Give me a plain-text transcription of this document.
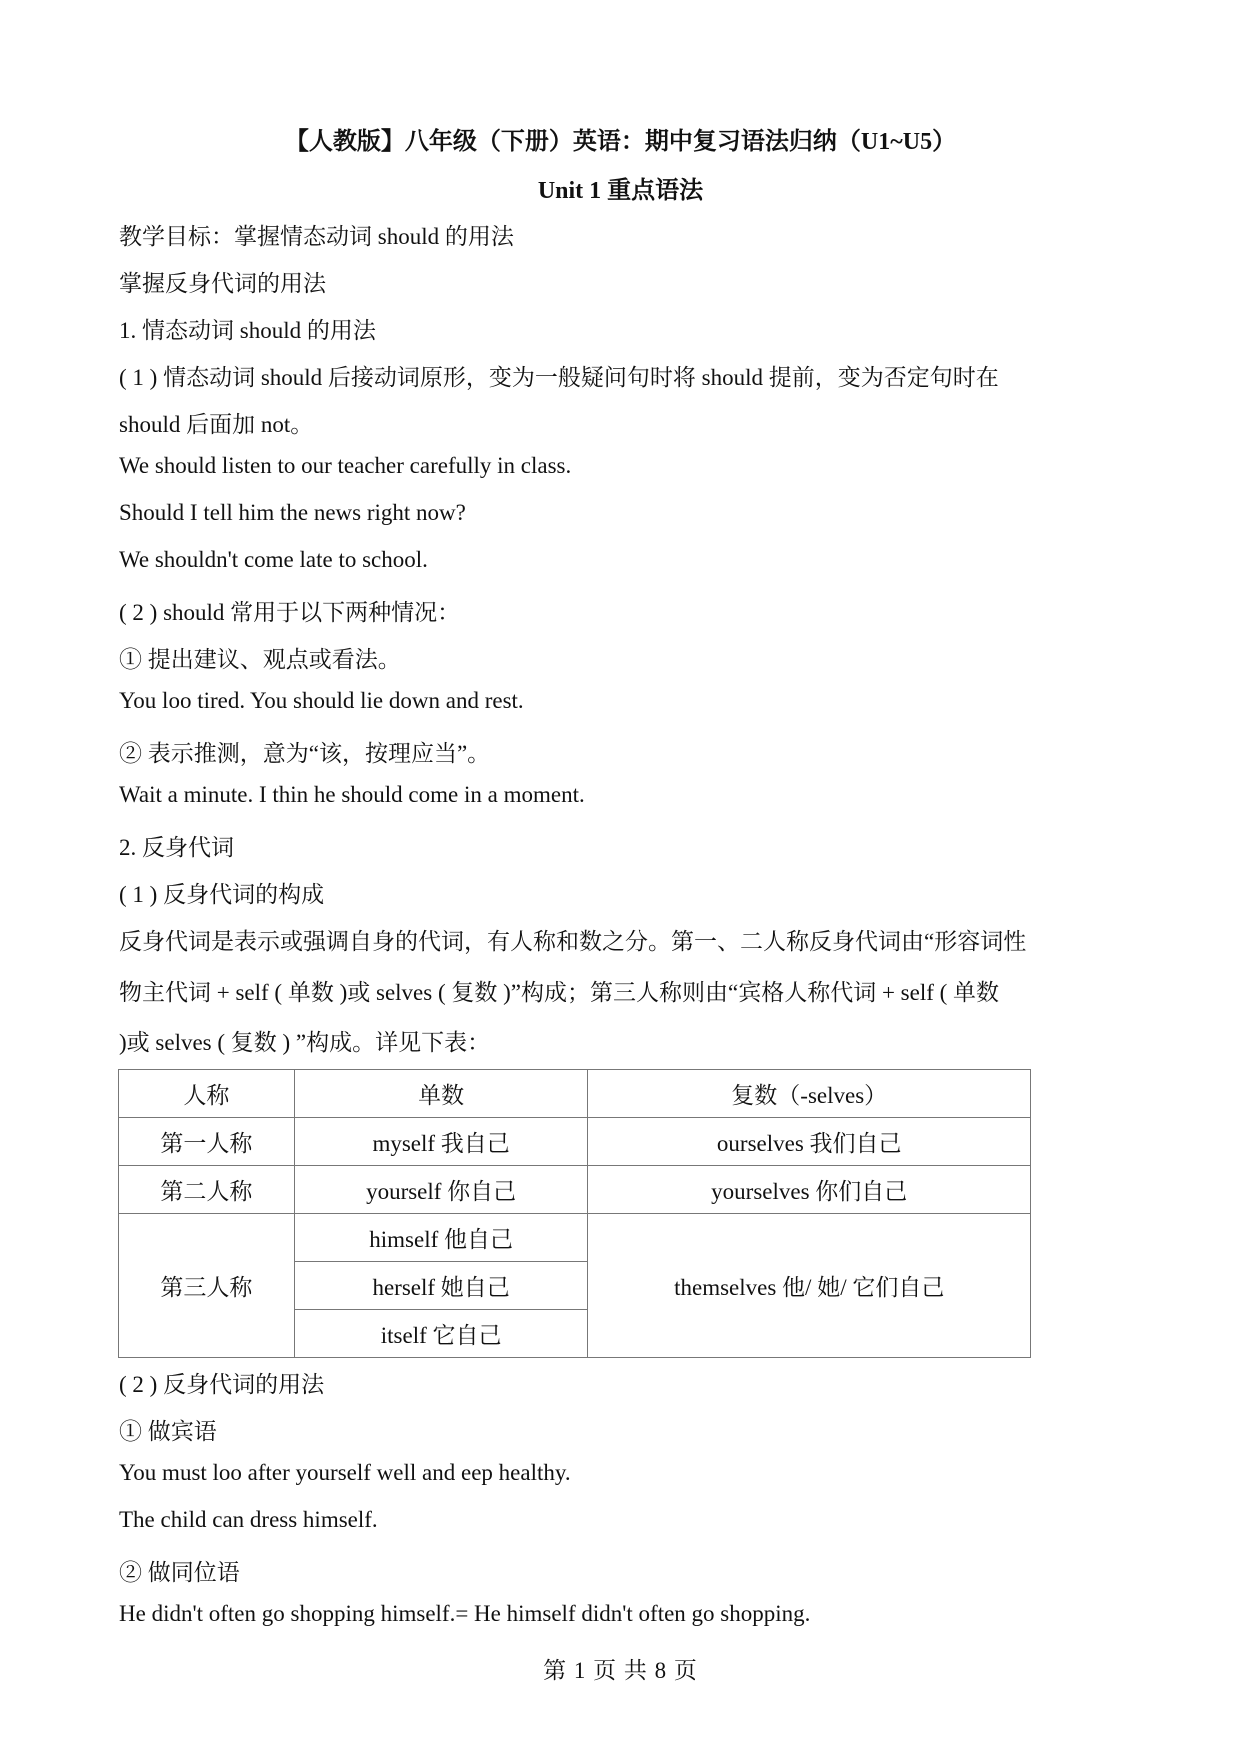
【人教版】八年级（下册）英语：期中复习语法归纳（U1~U5）
Unit 1 重点语法
教学目标：掌握情态动词 should 的用法
掌握反身代词的用法
1. 情态动词 should 的用法
( 1 ) 情态动词 should 后接动词原形，变为一般疑问句时将 should 提前，变为否定句时在
should 后面加 not。
We should listen to our teacher carefully in class.
Should I tell him the news right now?
We shouldn't come late to school.
( 2 ) should 常用于以下两种情况：
① 提出建议、观点或看法。
You loo tired. You should lie down and rest.
② 表示推测，意为“该，按理应当”。
Wait a minute. I thin he should come in a moment.
2. 反身代词
( 1 ) 反身代词的构成
反身代词是表示或强调自身的代词，有人称和数之分。第一、二人称反身代词由“形容词性
物主代词 + self ( 单数 )或 selves ( 复数 )”构成；第三人称则由“宾格人称代词 + self ( 单数
)或 selves ( 复数 ) ”构成。详见下表：
人称	单数	复数（-selves）
第一人称	myself 我自己	ourselves 我们自己
第二人称	yourself 你自己	yourselves 你们自己
第三人称	himself 他自己	themselves 他/ 她/ 它们自己
	herself 她自己	
	itself 它自己	
( 2 ) 反身代词的用法
① 做宾语
You must loo after yourself well and eep healthy.
The child can dress himself.
② 做同位语
He didn't often go shopping himself.= He himself didn't often go shopping.
第 1 页 共 8 页
